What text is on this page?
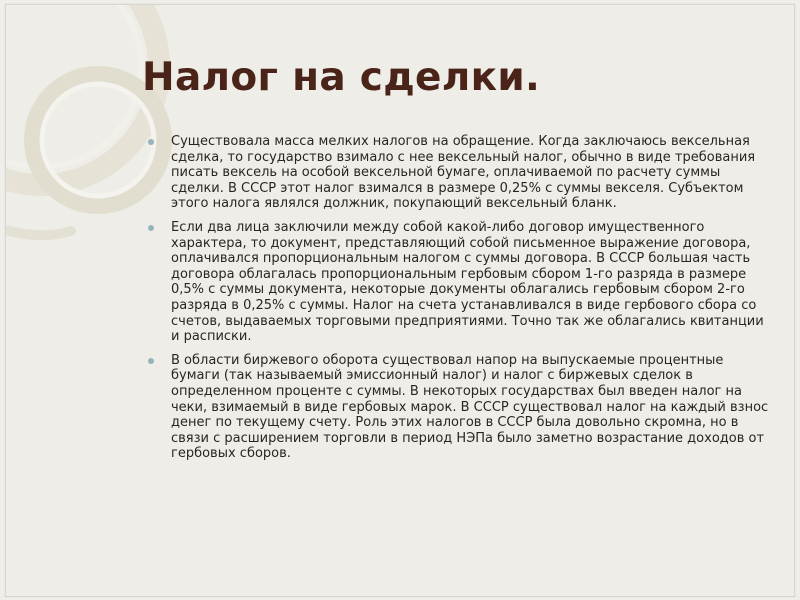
Налог на сделки.
Существовала масса мелких налогов на обращение. Когда заключаюсь вексельная сделка, то государство взимало с нее вексельный налог, обычно в виде требования писать вексель на особой вексельной бумаге, оплачиваемой по расчету суммы сделки. В СССР этот налог взимался в размере 0,25% с суммы векселя. Субъектом этого налога являлся должник, покупающий вексельный бланк.
Если два лица заключили между собой какой-либо договор имущественного характера, то документ, представляющий собой письменное выражение договора, оплачивался пропорциональным налогом с суммы договора. В СССР большая часть договора облагалась пропорциональным гербовым сбором 1-го разряда в размере 0,5% с суммы документа, некоторые документы облагались гербовым сбором 2-го разряда в 0,25% с суммы. Налог на счета устанавливался в виде гербового сбора со счетов, выдаваемых торговыми предприятиями. Точно так же облагались квитанции и расписки.
В области биржевого оборота существовал напор на выпускаемые процентные бумаги (так называемый эмиссионный налог) и налог с биржевых сделок в определенном проценте с суммы. В некоторых государствах был введен налог на чеки, взимаемый в виде гербовых марок. В СССР существовал налог на каждый взнос денег по текущему счету. Роль этих налогов в СССР была довольно скромна, но в связи с расширением торговли в период НЭПа было заметно возрастание доходов от гербовых сборов.
